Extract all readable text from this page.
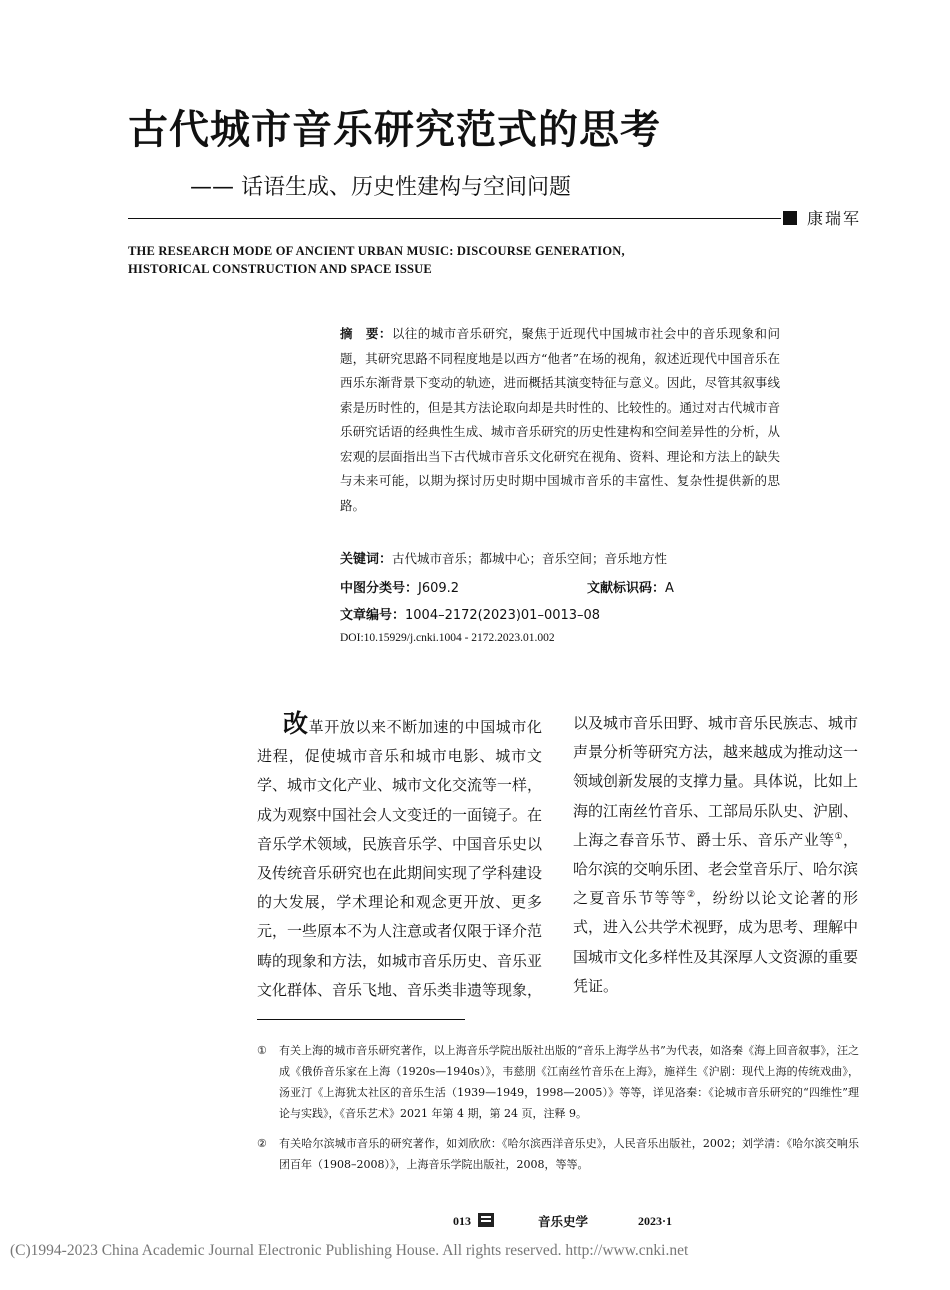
古代城市音乐研究范式的思考
—— 话语生成、历史性建构与空间问题
康瑞军
THE RESEARCH MODE OF ANCIENT URBAN MUSIC: DISCOURSE GENERATION,
HISTORICAL CONSTRUCTION AND SPACE ISSUE
摘　要：以往的城市音乐研究，聚焦于近现代中国城市社会中的音乐现象和问题，其研究思路不同程度地是以西方“他者”在场的视角，叙述近现代中国音乐在西乐东渐背景下变动的轨迹，进而概括其演变特征与意义。因此，尽管其叙事线索是历时性的，但是其方法论取向却是共时性的、比较性的。通过对古代城市音乐研究话语的经典性生成、城市音乐研究的历史性建构和空间差异性的分析，从宏观的层面指出当下古代城市音乐文化研究在视角、资料、理论和方法上的缺失与未来可能，以期为探讨历史时期中国城市音乐的丰富性、复杂性提供新的思路。
关键词：古代城市音乐；都城中心；音乐空间；音乐地方性
中图分类号：J609.2	文献标识码：A
文章编号：1004–2172(2023)01–0013–08
DOI:10.15929/j.cnki.1004 - 2172.2023.01.002
改革开放以来不断加速的中国城市化进程，促使城市音乐和城市电影、城市文学、城市文化产业、城市文化交流等一样，成为观察中国社会人文变迁的一面镜子。在音乐学术领域，民族音乐学、中国音乐史以及传统音乐研究也在此期间实现了学科建设的大发展，学术理论和观念更开放、更多元，一些原本不为人注意或者仅限于译介范畴的现象和方法，如城市音乐历史、音乐亚文化群体、音乐飞地、音乐类非遗等现象，
以及城市音乐田野、城市音乐民族志、城市声景分析等研究方法，越来越成为推动这一领域创新发展的支撑力量。具体说，比如上海的江南丝竹音乐、工部局乐队史、沪剧、上海之春音乐节、爵士乐、音乐产业等①，哈尔滨的交响乐团、老会堂音乐厅、哈尔滨之夏音乐节等等②，纷纷以论文论著的形式，进入公共学术视野，成为思考、理解中国城市文化多样性及其深厚人文资源的重要凭证。
① 有关上海的城市音乐研究著作，以上海音乐学院出版社出版的“音乐上海学丛书”为代表，如洛秦《海上回音叙事》，汪之成《俄侨音乐家在上海（1920s—1940s）》，韦慈朋《江南丝竹音乐在上海》，施祥生《沪剧：现代上海的传统戏曲》，汤亚汀《上海犹太社区的音乐生活（1939—1949，1998—2005）》等等，详见洛秦：《论城市音乐研究的“四维性”理论与实践》，《音乐艺术》2021 年第 4 期，第 24 页，注释 9。
② 有关哈尔滨城市音乐的研究著作，如刘欣欣：《哈尔滨西洋音乐史》，人民音乐出版社，2002；刘学清：《哈尔滨交响乐团百年（1908–2008）》，上海音乐学院出版社，2008，等等。
013	音乐史学	2023·1
(C)1994-2023 China Academic Journal Electronic Publishing House. All rights reserved. http://www.cnki.net
